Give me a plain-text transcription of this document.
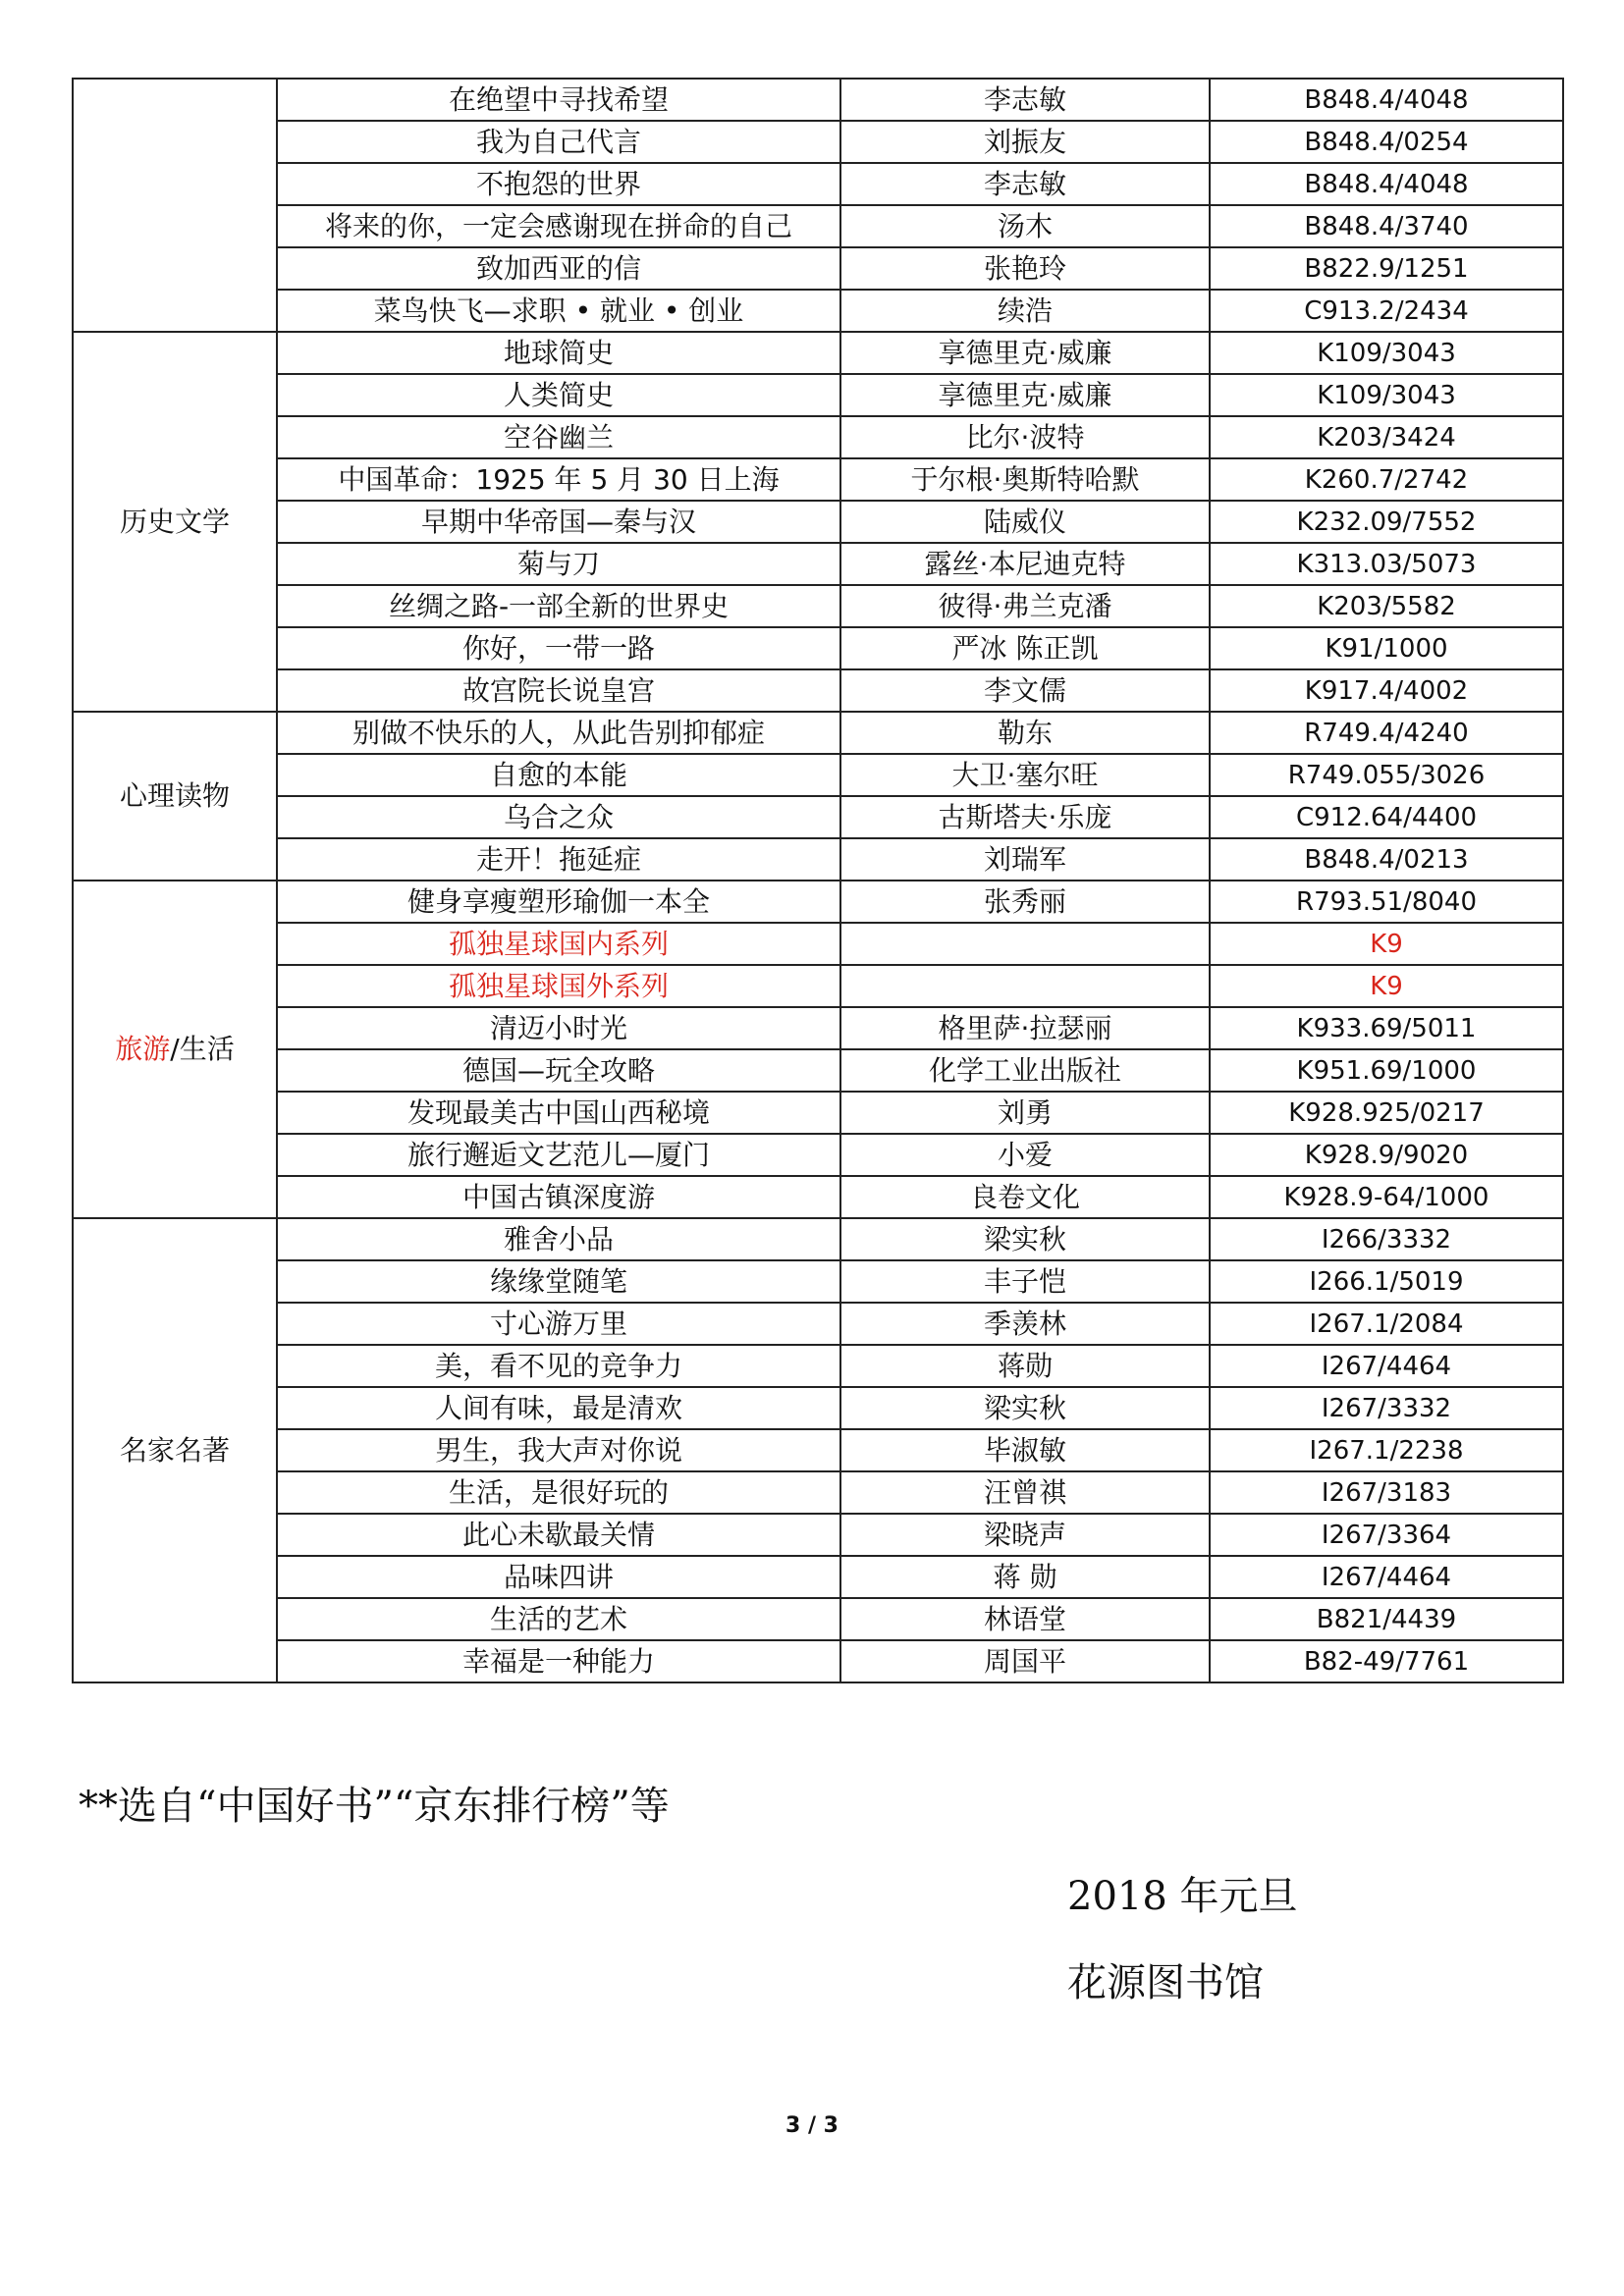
	在绝望中寻找希望	李志敏	B848.4/4048
	我为自己代言	刘振友	B848.4/0254
	不抱怨的世界	李志敏	B848.4/4048
	将来的你，一定会感谢现在拼命的自己	汤木	B848.4/3740
	致加西亚的信	张艳玲	B822.9/1251
	菜鸟快飞—求职 • 就业 • 创业	续浩	C913.2/2434
历史文学	地球简史	享德里克·威廉	K109/3043
	人类简史	享德里克·威廉	K109/3043
	空谷幽兰	比尔·波特	K203/3424
	中国革命：1925 年 5 月 30 日上海	于尔根·奥斯特哈默	K260.7/2742
	早期中华帝国—秦与汉	陆威仪	K232.09/7552
	菊与刀	露丝·本尼迪克特	K313.03/5073
	丝绸之路-一部全新的世界史	彼得·弗兰克潘	K203/5582
	你好，一带一路	严冰 陈正凯	K91/1000
	故宫院长说皇宫	李文儒	K917.4/4002
心理读物	别做不快乐的人，从此告别抑郁症	勒东	R749.4/4240
	自愈的本能	大卫·塞尔旺	R749.055/3026
	乌合之众	古斯塔夫·乐庞	C912.64/4400
	走开！拖延症	刘瑞军	B848.4/0213
旅游/生活	健身享瘦塑形瑜伽一本全	张秀丽	R793.51/8040
	孤独星球国内系列		K9
	孤独星球国外系列		K9
	清迈小时光	格里萨·拉瑟丽	K933.69/5011
	德国—玩全攻略	化学工业出版社	K951.69/1000
	发现最美古中国山西秘境	刘勇	K928.925/0217
	旅行邂逅文艺范儿—厦门	小爱	K928.9/9020
	中国古镇深度游	良卷文化	K928.9-64/1000
名家名著	雅舍小品	梁实秋	I266/3332
	缘缘堂随笔	丰子恺	I266.1/5019
	寸心游万里	季羡林	I267.1/2084
	美，看不见的竞争力	蒋勋	I267/4464
	人间有味，最是清欢	梁实秋	I267/3332
	男生，我大声对你说	毕淑敏	I267.1/2238
	生活，是很好玩的	汪曾祺	I267/3183
	此心未歇最关情	梁晓声	I267/3364
	品味四讲	蒋 勋	I267/4464
	生活的艺术	林语堂	B821/4439
	幸福是一种能力	周国平	B82-49/7761
**选自“中国好书”“京东排行榜”等
2018 年元旦
花源图书馆
3 / 3
